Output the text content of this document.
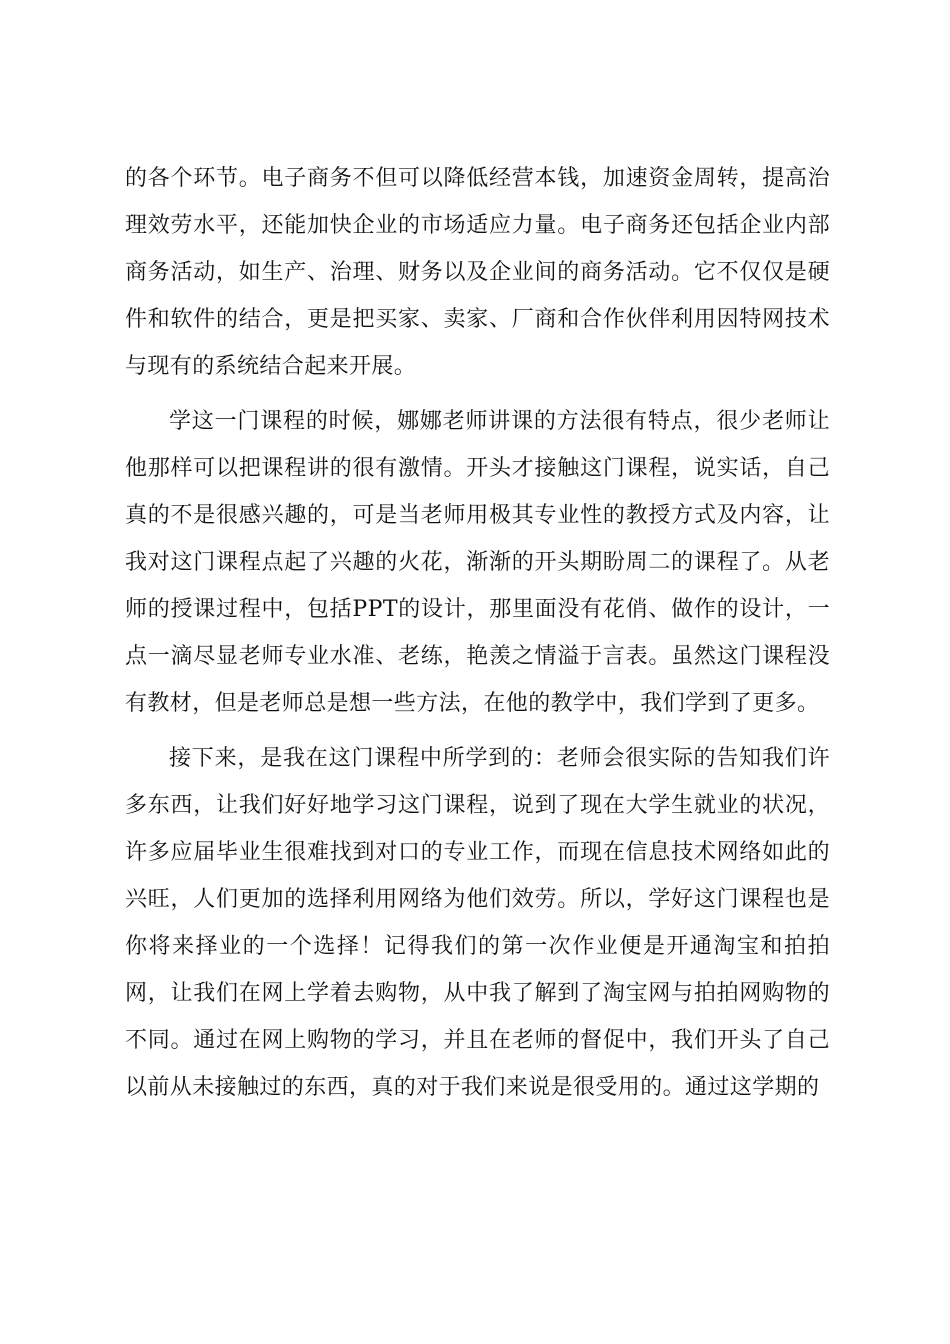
的各个环节。电子商务不但可以降低经营本钱，加速资金周转，提高治理效劳水平，还能加快企业的市场适应力量。电子商务还包括企业内部商务活动，如生产、治理、财务以及企业间的商务活动。它不仅仅是硬件和软件的结合，更是把买家、卖家、厂商和合作伙伴利用因特网技术与现有的系统结合起来开展。

学这一门课程的时候，娜娜老师讲课的方法很有特点，很少老师让他那样可以把课程讲的很有激情。开头才接触这门课程，说实话，自己真的不是很感兴趣的，可是当老师用极其专业性的教授方式及内容，让我对这门课程点起了兴趣的火花，渐渐的开头期盼周二的课程了。从老师的授课过程中，包括PPT的设计，那里面没有花俏、做作的设计，一点一滴尽显老师专业水准、老练，艳羡之情溢于言表。虽然这门课程没有教材，但是老师总是想一些方法，在他的教学中，我们学到了更多。

接下来，是我在这门课程中所学到的：老师会很实际的告知我们许多东西，让我们好好地学习这门课程，说到了现在大学生就业的状况，许多应届毕业生很难找到对口的专业工作，而现在信息技术网络如此的兴旺，人们更加的选择利用网络为他们效劳。所以，学好这门课程也是你将来择业的一个选择！记得我们的第一次作业便是开通淘宝和拍拍网，让我们在网上学着去购物，从中我了解到了淘宝网与拍拍网购物的不同。通过在网上购物的学习，并且在老师的督促中，我们开头了自己以前从未接触过的东西，真的对于我们来说是很受用的。通过这学期的
